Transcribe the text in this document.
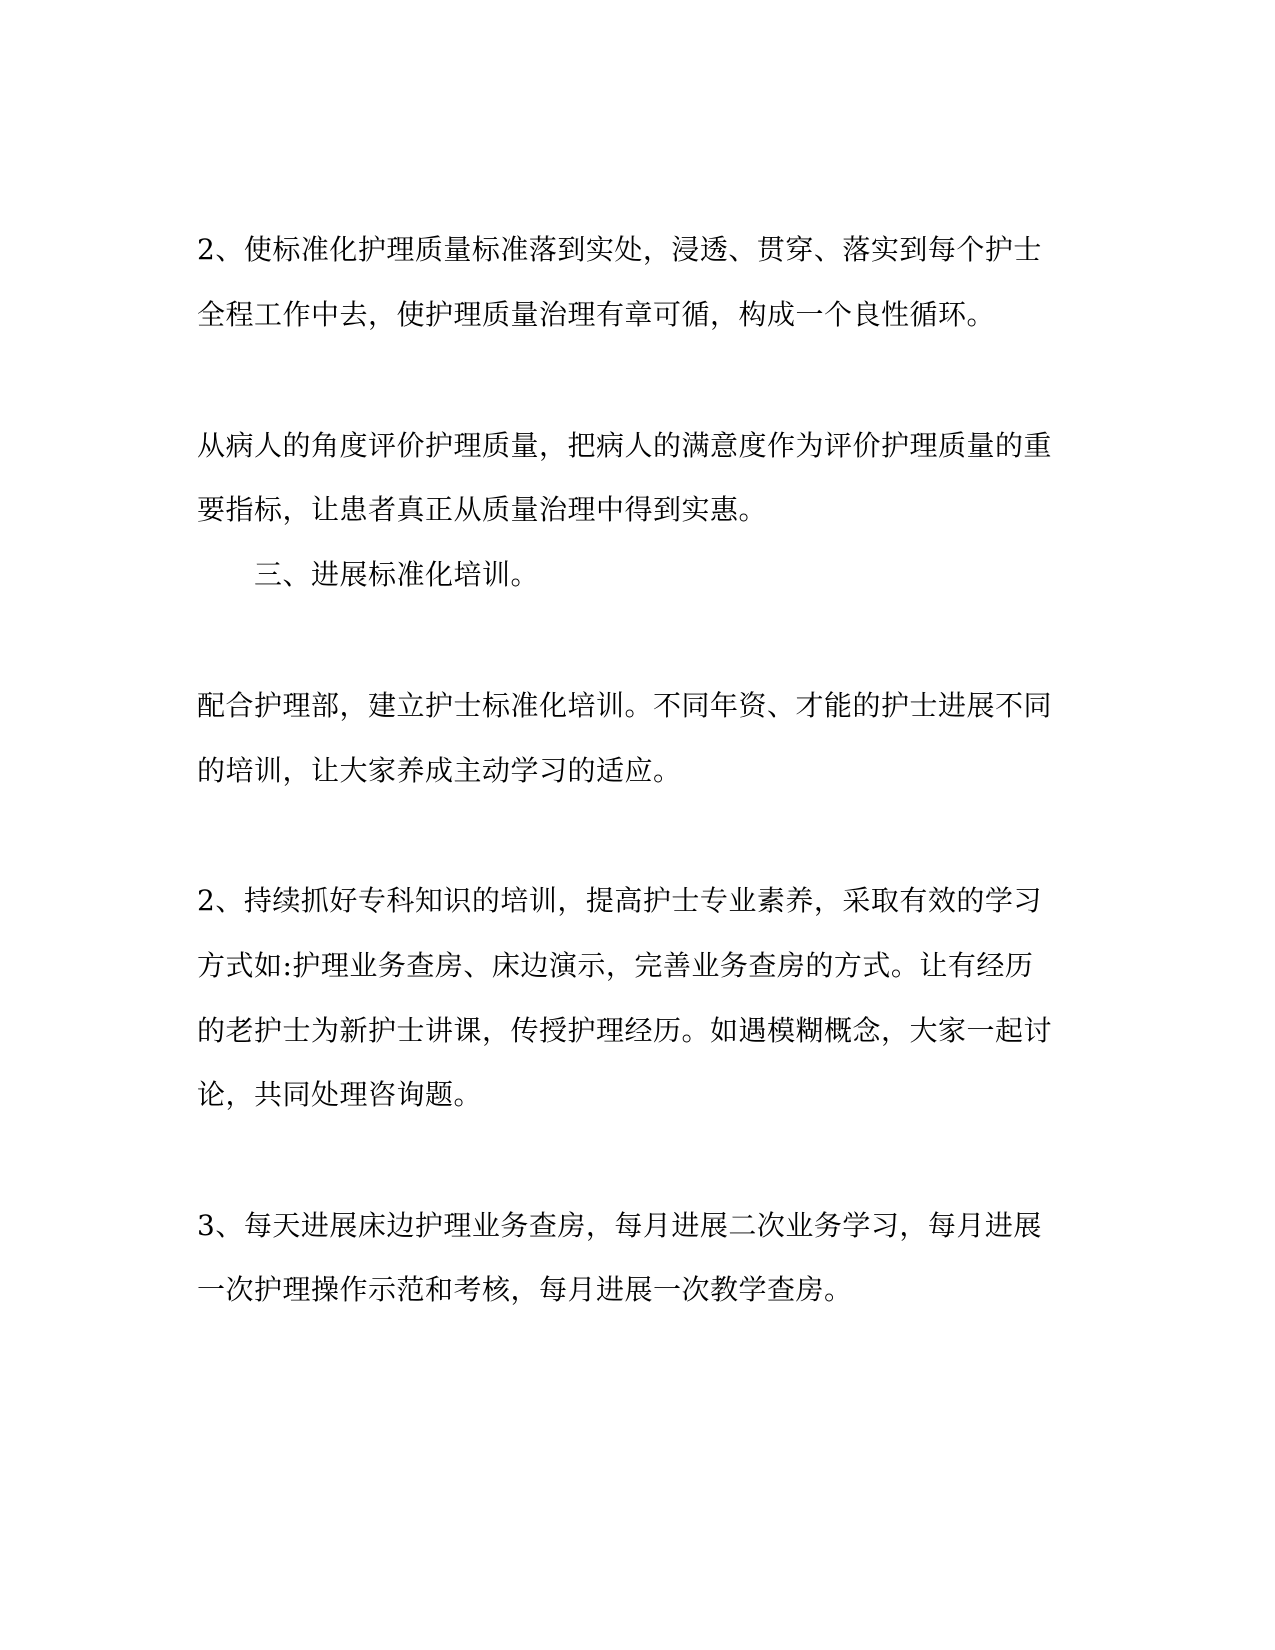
2、使标准化护理质量标准落到实处，浸透、贯穿、落实到每个护士
全程工作中去，使护理质量治理有章可循，构成一个良性循环。
从病人的角度评价护理质量，把病人的满意度作为评价护理质量的重
要指标，让患者真正从质量治理中得到实惠。
三、进展标准化培训。
配合护理部，建立护士标准化培训。不同年资、才能的护士进展不同
的培训，让大家养成主动学习的适应。
2、持续抓好专科知识的培训，提高护士专业素养，采取有效的学习
方式如:护理业务查房、床边演示，完善业务查房的方式。让有经历
的老护士为新护士讲课，传授护理经历。如遇模糊概念，大家一起讨
论，共同处理咨询题。
3、每天进展床边护理业务查房，每月进展二次业务学习，每月进展
一次护理操作示范和考核，每月进展一次教学查房。
